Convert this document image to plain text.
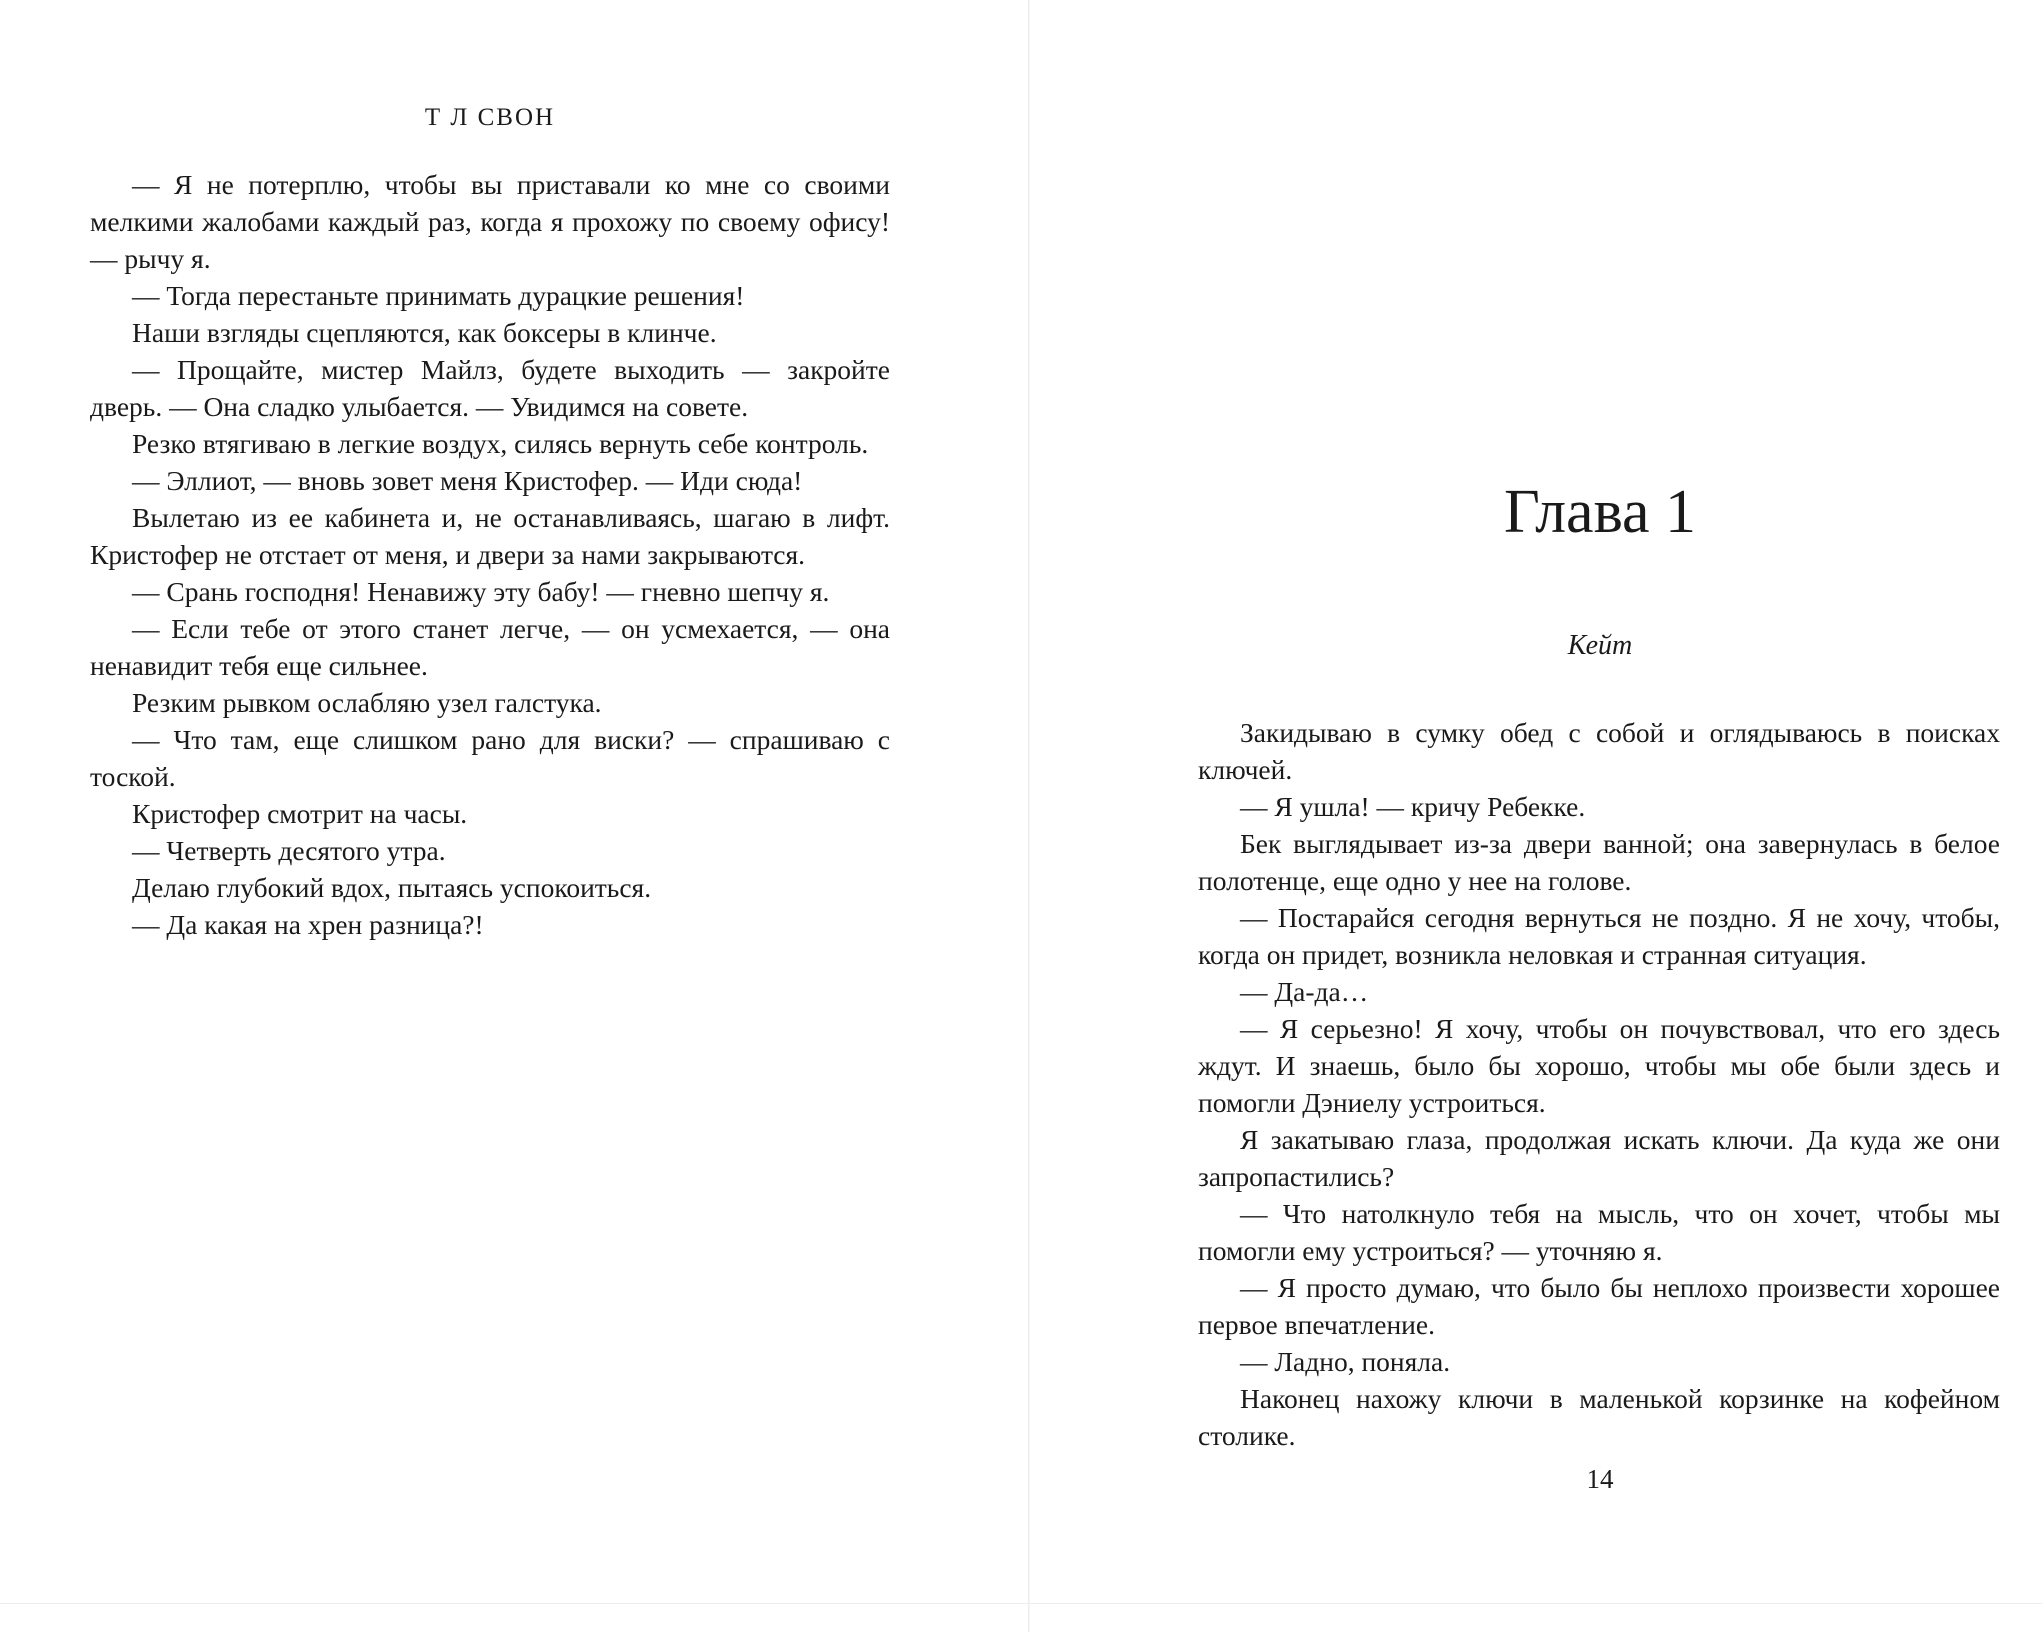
Т Л СВОН

— Я не потерплю, чтобы вы приставали ко мне со своими мелкими жалобами каждый раз, когда я прохожу по своему офису! — рычу я.

— Тогда перестаньте принимать дурацкие решения!

Наши взгляды сцепляются, как боксеры в клинче.

— Прощайте, мистер Майлз, будете выходить — закройте дверь. — Она сладко улыбается. — Увидимся на совете.

Резко втягиваю в легкие воздух, силясь вернуть себе контроль.

— Эллиот, — вновь зовет меня Кристофер. — Иди сюда!

Вылетаю из ее кабинета и, не останавливаясь, шагаю в лифт. Кристофер не отстает от меня, и двери за нами закрываются.

— Срань господня! Ненавижу эту бабу! — гневно шепчу я.

— Если тебе от этого станет легче, — он усмехается, — она ненавидит тебя еще сильнее.

Резким рывком ослабляю узел галстука.

— Что там, еще слишком рано для виски? — спрашиваю с тоской.

Кристофер смотрит на часы.

— Четверть десятого утра.

Делаю глубокий вдох, пытаясь успокоиться.

— Да какая на хрен разница?!

Глава 1
Кейт

Закидываю в сумку обед с собой и оглядываюсь в поисках ключей.

— Я ушла! — кричу Ребекке.

Бек выглядывает из-за двери ванной; она завернулась в белое полотенце, еще одно у нее на голове.

— Постарайся сегодня вернуться не поздно. Я не хочу, чтобы, когда он придет, возникла неловкая и странная ситуация.

— Да-да…

— Я серьезно! Я хочу, чтобы он почувствовал, что его здесь ждут. И знаешь, было бы хорошо, чтобы мы обе были здесь и помогли Дэниелу устроиться.

Я закатываю глаза, продолжая искать ключи. Да куда же они запропастились?

— Что натолкнуло тебя на мысль, что он хочет, чтобы мы помогли ему устроиться? — уточняю я.

— Я просто думаю, что было бы неплохо произвести хорошее первое впечатление.

— Ладно, поняла.

Наконец нахожу ключи в маленькой корзинке на кофейном столике.

14
